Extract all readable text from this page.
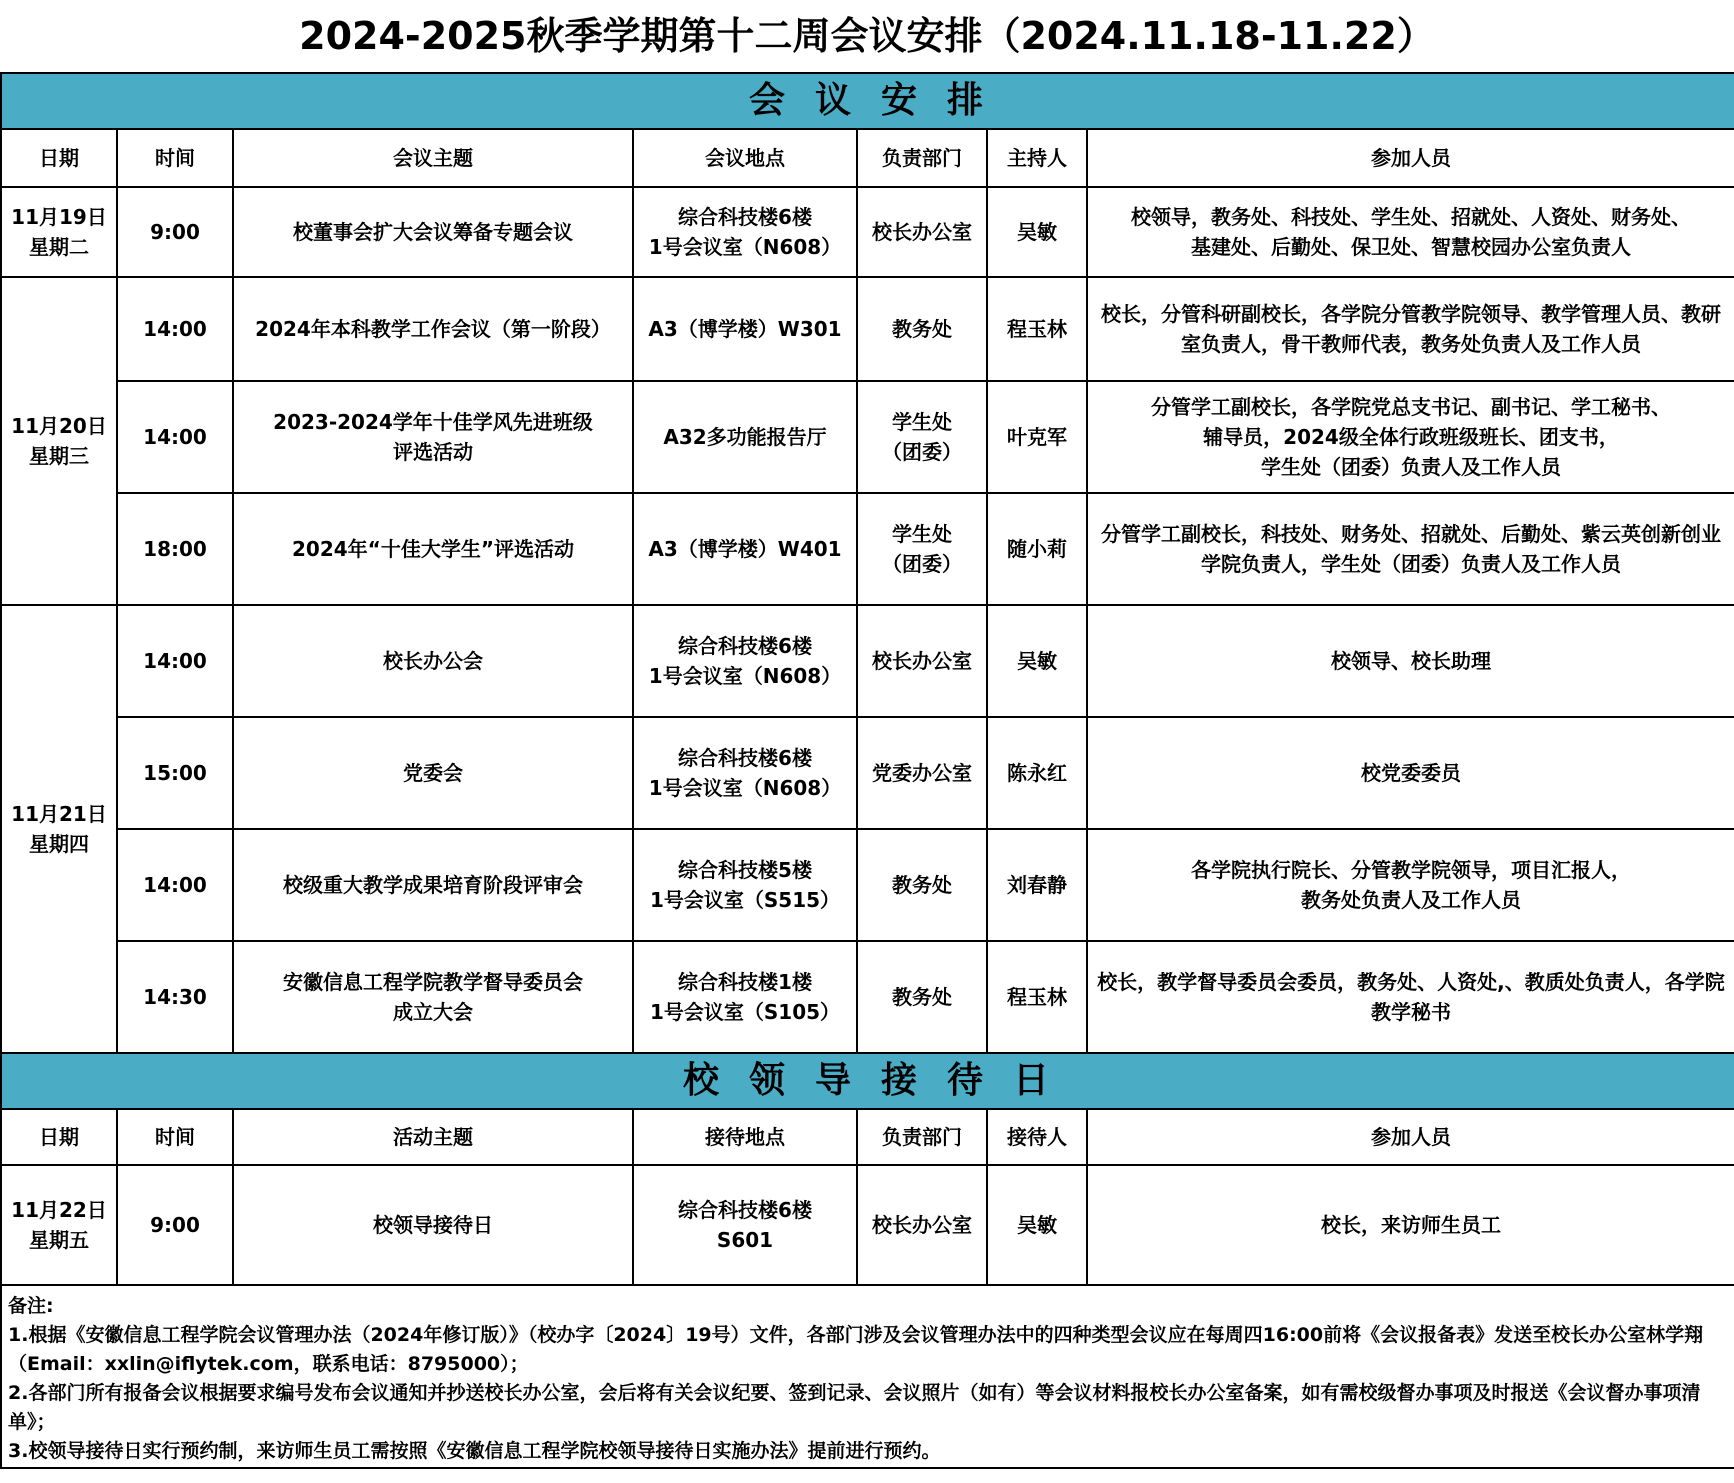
2024-2025秋季学期第十二周会议安排（2024.11.18-11.22）
会议安排						
日期	时间	会议主题	会议地点	负责部门	主持人	参加人员
11月19日
星期二	9:00	校董事会扩大会议筹备专题会议	综合科技楼6楼
1号会议室（N608）	校长办公室	吴敏	校领导，教务处、科技处、学生处、招就处、人资处、财务处、
基建处、后勤处、保卫处、智慧校园办公室负责人
11月20日
星期三	14:00	2024年本科教学工作会议（第一阶段）	A3（博学楼）W301	教务处	程玉林	校长，分管科研副校长，各学院分管教学院领导、教学管理人员、教研室负责人，骨干教师代表，教务处负责人及工作人员
	14:00	2023-2024学年十佳学风先进班级
评选活动	A32多功能报告厅	学生处
（团委）	叶克军	分管学工副校长，各学院党总支书记、副书记、学工秘书、
辅导员，2024级全体行政班级班长、团支书，
学生处（团委）负责人及工作人员
	18:00	2024年“十佳大学生”评选活动	A3（博学楼）W401	学生处
（团委）	随小莉	分管学工副校长，科技处、财务处、招就处、后勤处、紫云英创新创业学院负责人，学生处（团委）负责人及工作人员
11月21日
星期四	14:00	校长办公会	综合科技楼6楼
1号会议室（N608）	校长办公室	吴敏	校领导、校长助理
	15:00	党委会	综合科技楼6楼
1号会议室（N608）	党委办公室	陈永红	校党委委员
	14:00	校级重大教学成果培育阶段评审会	综合科技楼5楼
1号会议室（S515）	教务处	刘春静	各学院执行院长、分管教学院领导，项目汇报人，
教务处负责人及工作人员
	14:30	安徽信息工程学院教学督导委员会
成立大会	综合科技楼1楼
1号会议室（S105）	教务处	程玉林	校长，教学督导委员会委员，教务处、人资处,、教质处负责人，各学院教学秘书
校领导接待日						
日期	时间	活动主题	接待地点	负责部门	接待人	参加人员
11月22日
星期五	9:00	校领导接待日	综合科技楼6楼
S601	校长办公室	吴敏	校长，来访师生员工

备注:
1.根据《安徽信息工程学院会议管理办法（2024年修订版）》（校办字〔2024〕19号）文件，各部门涉及会议管理办法中的四种类型会议应在每周四16:00前将《会议报备表》发送至校长办公室林学翔（Email：xxlin@iflytek.com，联系电话：8795000）；
2.各部门所有报备会议根据要求编号发布会议通知并抄送校长办公室，会后将有关会议纪要、签到记录、会议照片（如有）等会议材料报校长办公室备案，如有需校级督办事项及时报送《会议督办事项清单》；
3.校领导接待日实行预约制，来访师生员工需按照《安徽信息工程学院校领导接待日实施办法》提前进行预约。						
